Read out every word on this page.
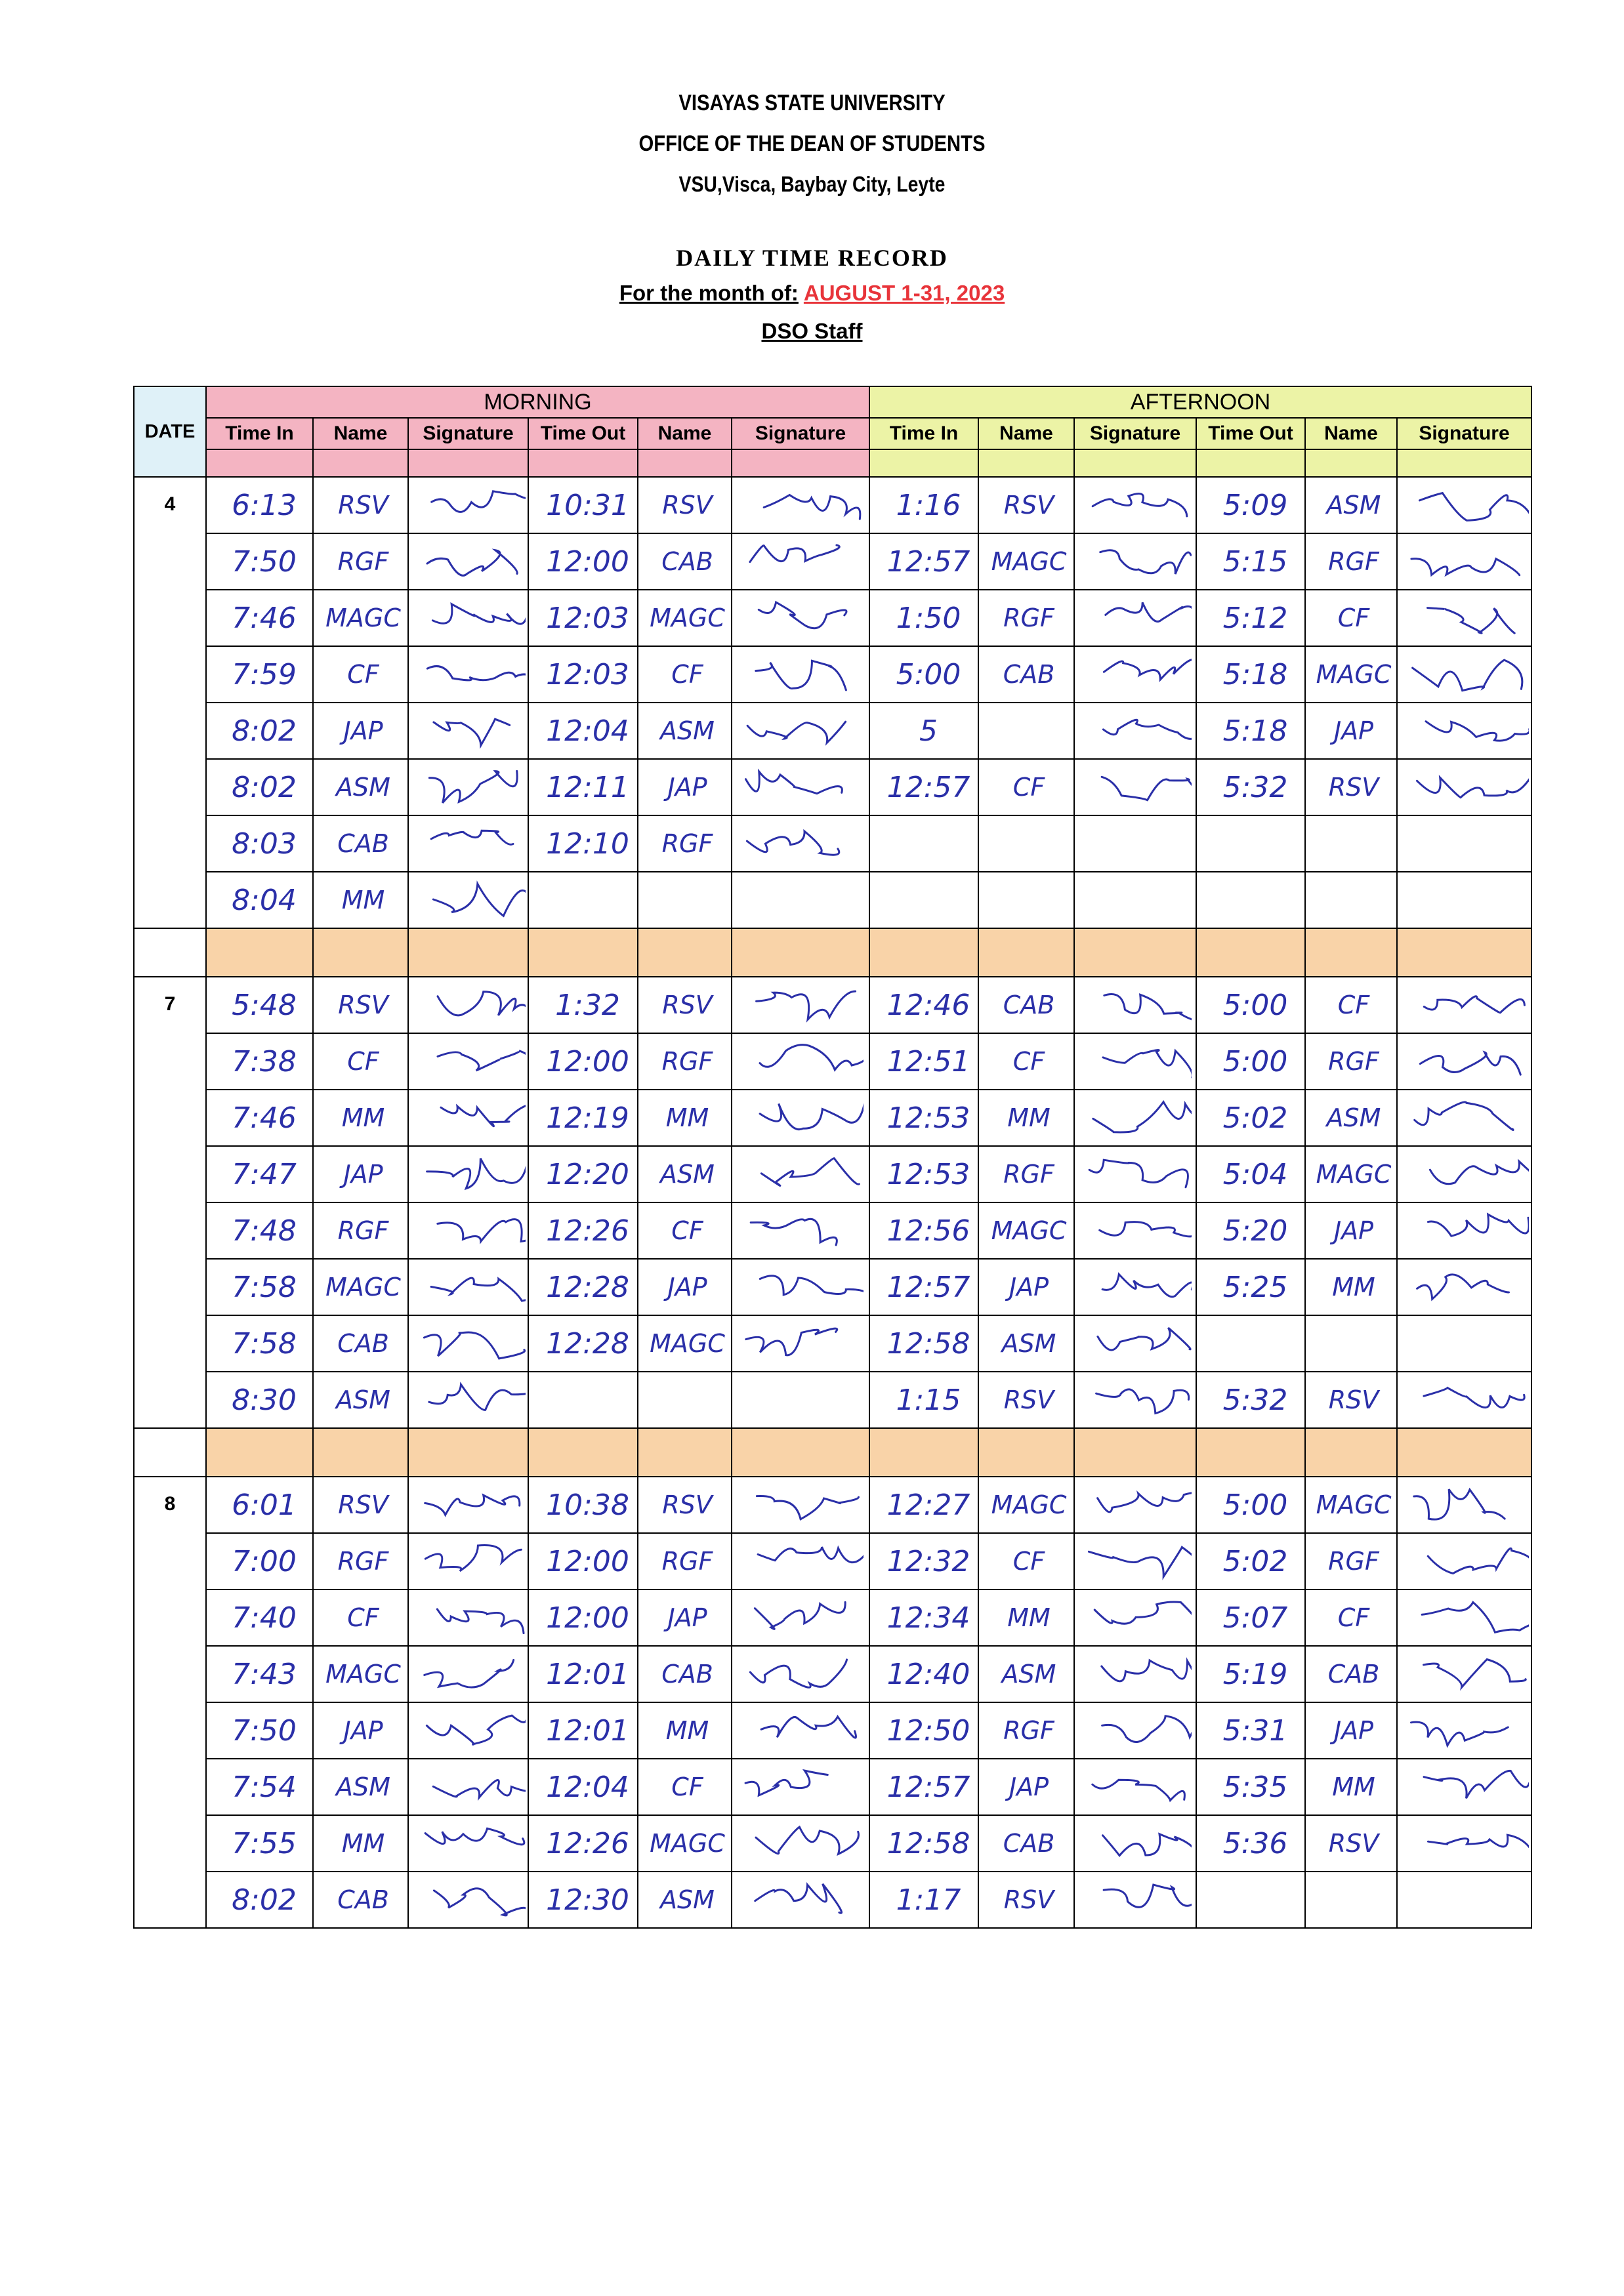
VISAYAS STATE UNIVERSITY
OFFICE OF THE DEAN OF STUDENTS
VSU,Visca, Baybay City, Leyte
DAILY TIME RECORD
For the month of: AUGUST 1-31, 2023
DSO Staff
DATE	MORNING						AFTERNOON					
	Time In	Name	Signature	Time Out	Name	Signature	Time In	Name	Signature	Time Out	Name	Signature

4	6:13	RSV		10:31	RSV		1:16	RSV		5:09	ASM	

	7:50	RGF		12:00	CAB		12:57	MAGC		5:15	RGF	

	7:46	MAGC		12:03	MAGC		1:50	RGF		5:12	CF	

	7:59	CF		12:03	CF		5:00	CAB		5:18	MAGC	

	8:02	JAP		12:04	ASM		5			5:18	JAP	

	8:02	ASM		12:11	JAP		12:57	CF		5:32	RSV	

	8:03	CAB		12:10	RGF	

	8:04	MM	

7	5:48	RSV		1:32	RSV		12:46	CAB		5:00	CF	

	7:38	CF		12:00	RGF		12:51	CF		5:00	RGF	

	7:46	MM		12:19	MM		12:53	MM		5:02	ASM	

	7:47	JAP		12:20	ASM		12:53	RGF		5:04	MAGC	

	7:48	RGF		12:26	CF		12:56	MAGC		5:20	JAP	

	7:58	MAGC		12:28	JAP		12:57	JAP		5:25	MM	

	7:58	CAB		12:28	MAGC		12:58	ASM	

	8:30	ASM					1:15	RSV		5:32	RSV	

8	6:01	RSV		10:38	RSV		12:27	MAGC		5:00	MAGC	

	7:00	RGF		12:00	RGF		12:32	CF		5:02	RGF	

	7:40	CF		12:00	JAP		12:34	MM		5:07	CF	

	7:43	MAGC		12:01	CAB		12:40	ASM		5:19	CAB	

	7:50	JAP		12:01	MM		12:50	RGF		5:31	JAP	

	7:54	ASM		12:04	CF		12:57	JAP		5:35	MM	

	7:55	MM		12:26	MAGC		12:58	CAB		5:36	RSV	

	8:02	CAB		12:30	ASM		1:17	RSV	
